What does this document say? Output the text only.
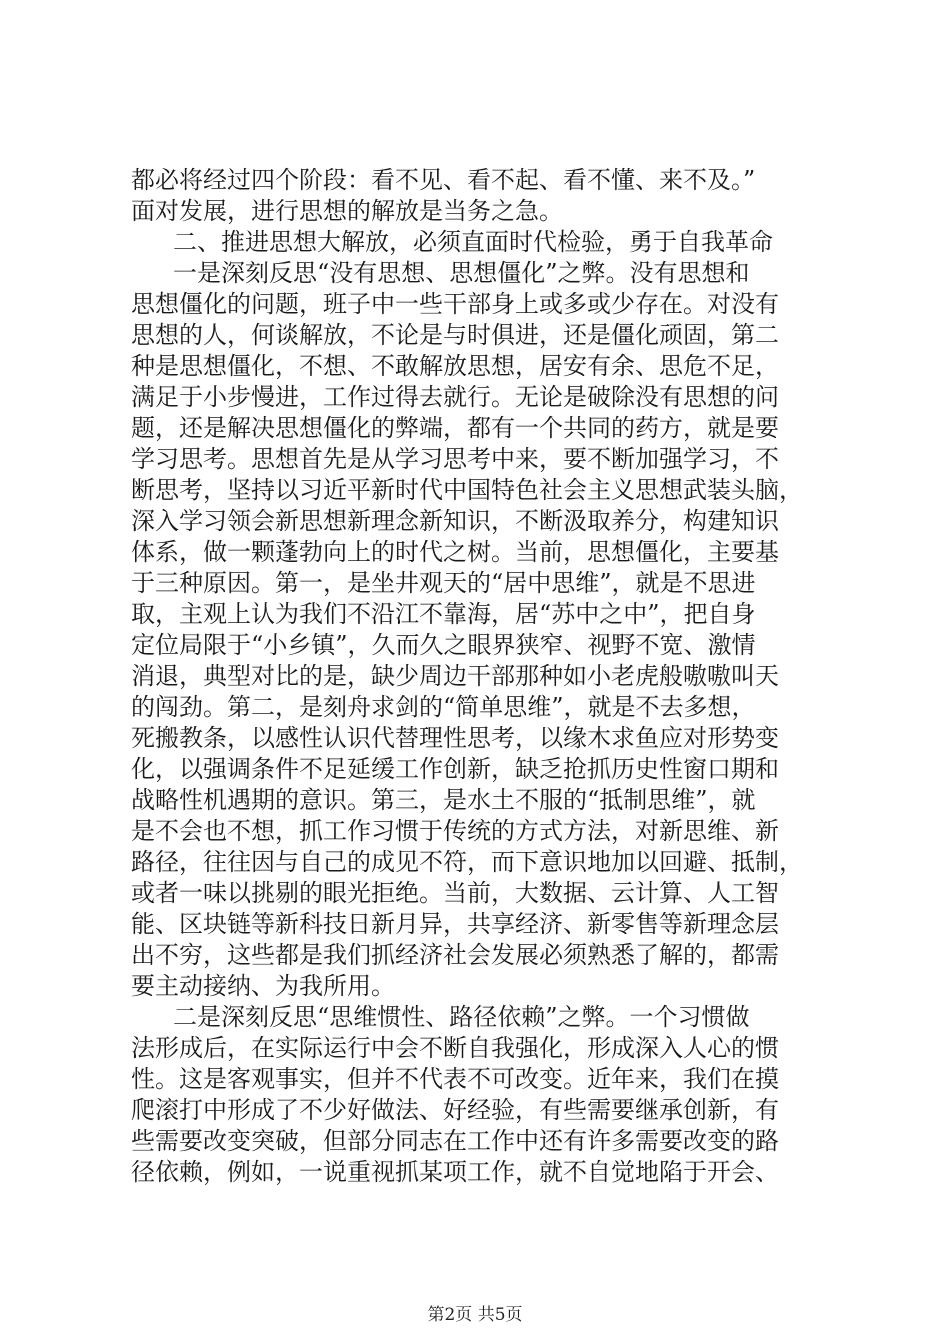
都必将经过四个阶段：看不见、看不起、看不懂、来不及。”
面对发展，进行思想的解放是当务之急。
二、推进思想大解放，必须直面时代检验，勇于自我革命
一是深刻反思“没有思想、思想僵化”之弊。没有思想和
思想僵化的问题，班子中一些干部身上或多或少存在。对没有
思想的人，何谈解放，不论是与时俱进，还是僵化顽固，第二
种是思想僵化，不想、不敢解放思想，居安有余、思危不足，
满足于小步慢进，工作过得去就行。无论是破除没有思想的问
题，还是解决思想僵化的弊端，都有一个共同的药方，就是要
学习思考。思想首先是从学习思考中来，要不断加强学习，不
断思考，坚持以习近平新时代中国特色社会主义思想武装头脑，
深入学习领会新思想新理念新知识，不断汲取养分，构建知识
体系，做一颗蓬勃向上的时代之树。当前，思想僵化，主要基
于三种原因。第一，是坐井观天的“居中思维”，就是不思进
取，主观上认为我们不沿江不靠海，居“苏中之中”，把自身
定位局限于“小乡镇”，久而久之眼界狭窄、视野不宽、激情
消退，典型对比的是，缺少周边干部那种如小老虎般嗷嗷叫天
的闯劲。第二，是刻舟求剑的“简单思维”，就是不去多想，
死搬教条，以感性认识代替理性思考，以缘木求鱼应对形势变
化，以强调条件不足延缓工作创新，缺乏抢抓历史性窗口期和
战略性机遇期的意识。第三，是水土不服的“抵制思维”，就
是不会也不想，抓工作习惯于传统的方式方法，对新思维、新
路径，往往因与自己的成见不符，而下意识地加以回避、抵制，
或者一味以挑剔的眼光拒绝。当前，大数据、云计算、人工智
能、区块链等新科技日新月异，共享经济、新零售等新理念层
出不穷，这些都是我们抓经济社会发展必须熟悉了解的，都需
要主动接纳、为我所用。
二是深刻反思“思维惯性、路径依赖”之弊。一个习惯做
法形成后，在实际运行中会不断自我强化，形成深入人心的惯
性。这是客观事实，但并不代表不可改变。近年来，我们在摸
爬滚打中形成了不少好做法、好经验，有些需要继承创新，有
些需要改变突破，但部分同志在工作中还有许多需要改变的路
径依赖，例如，一说重视抓某项工作，就不自觉地陷于开会、
第2页 共5页
